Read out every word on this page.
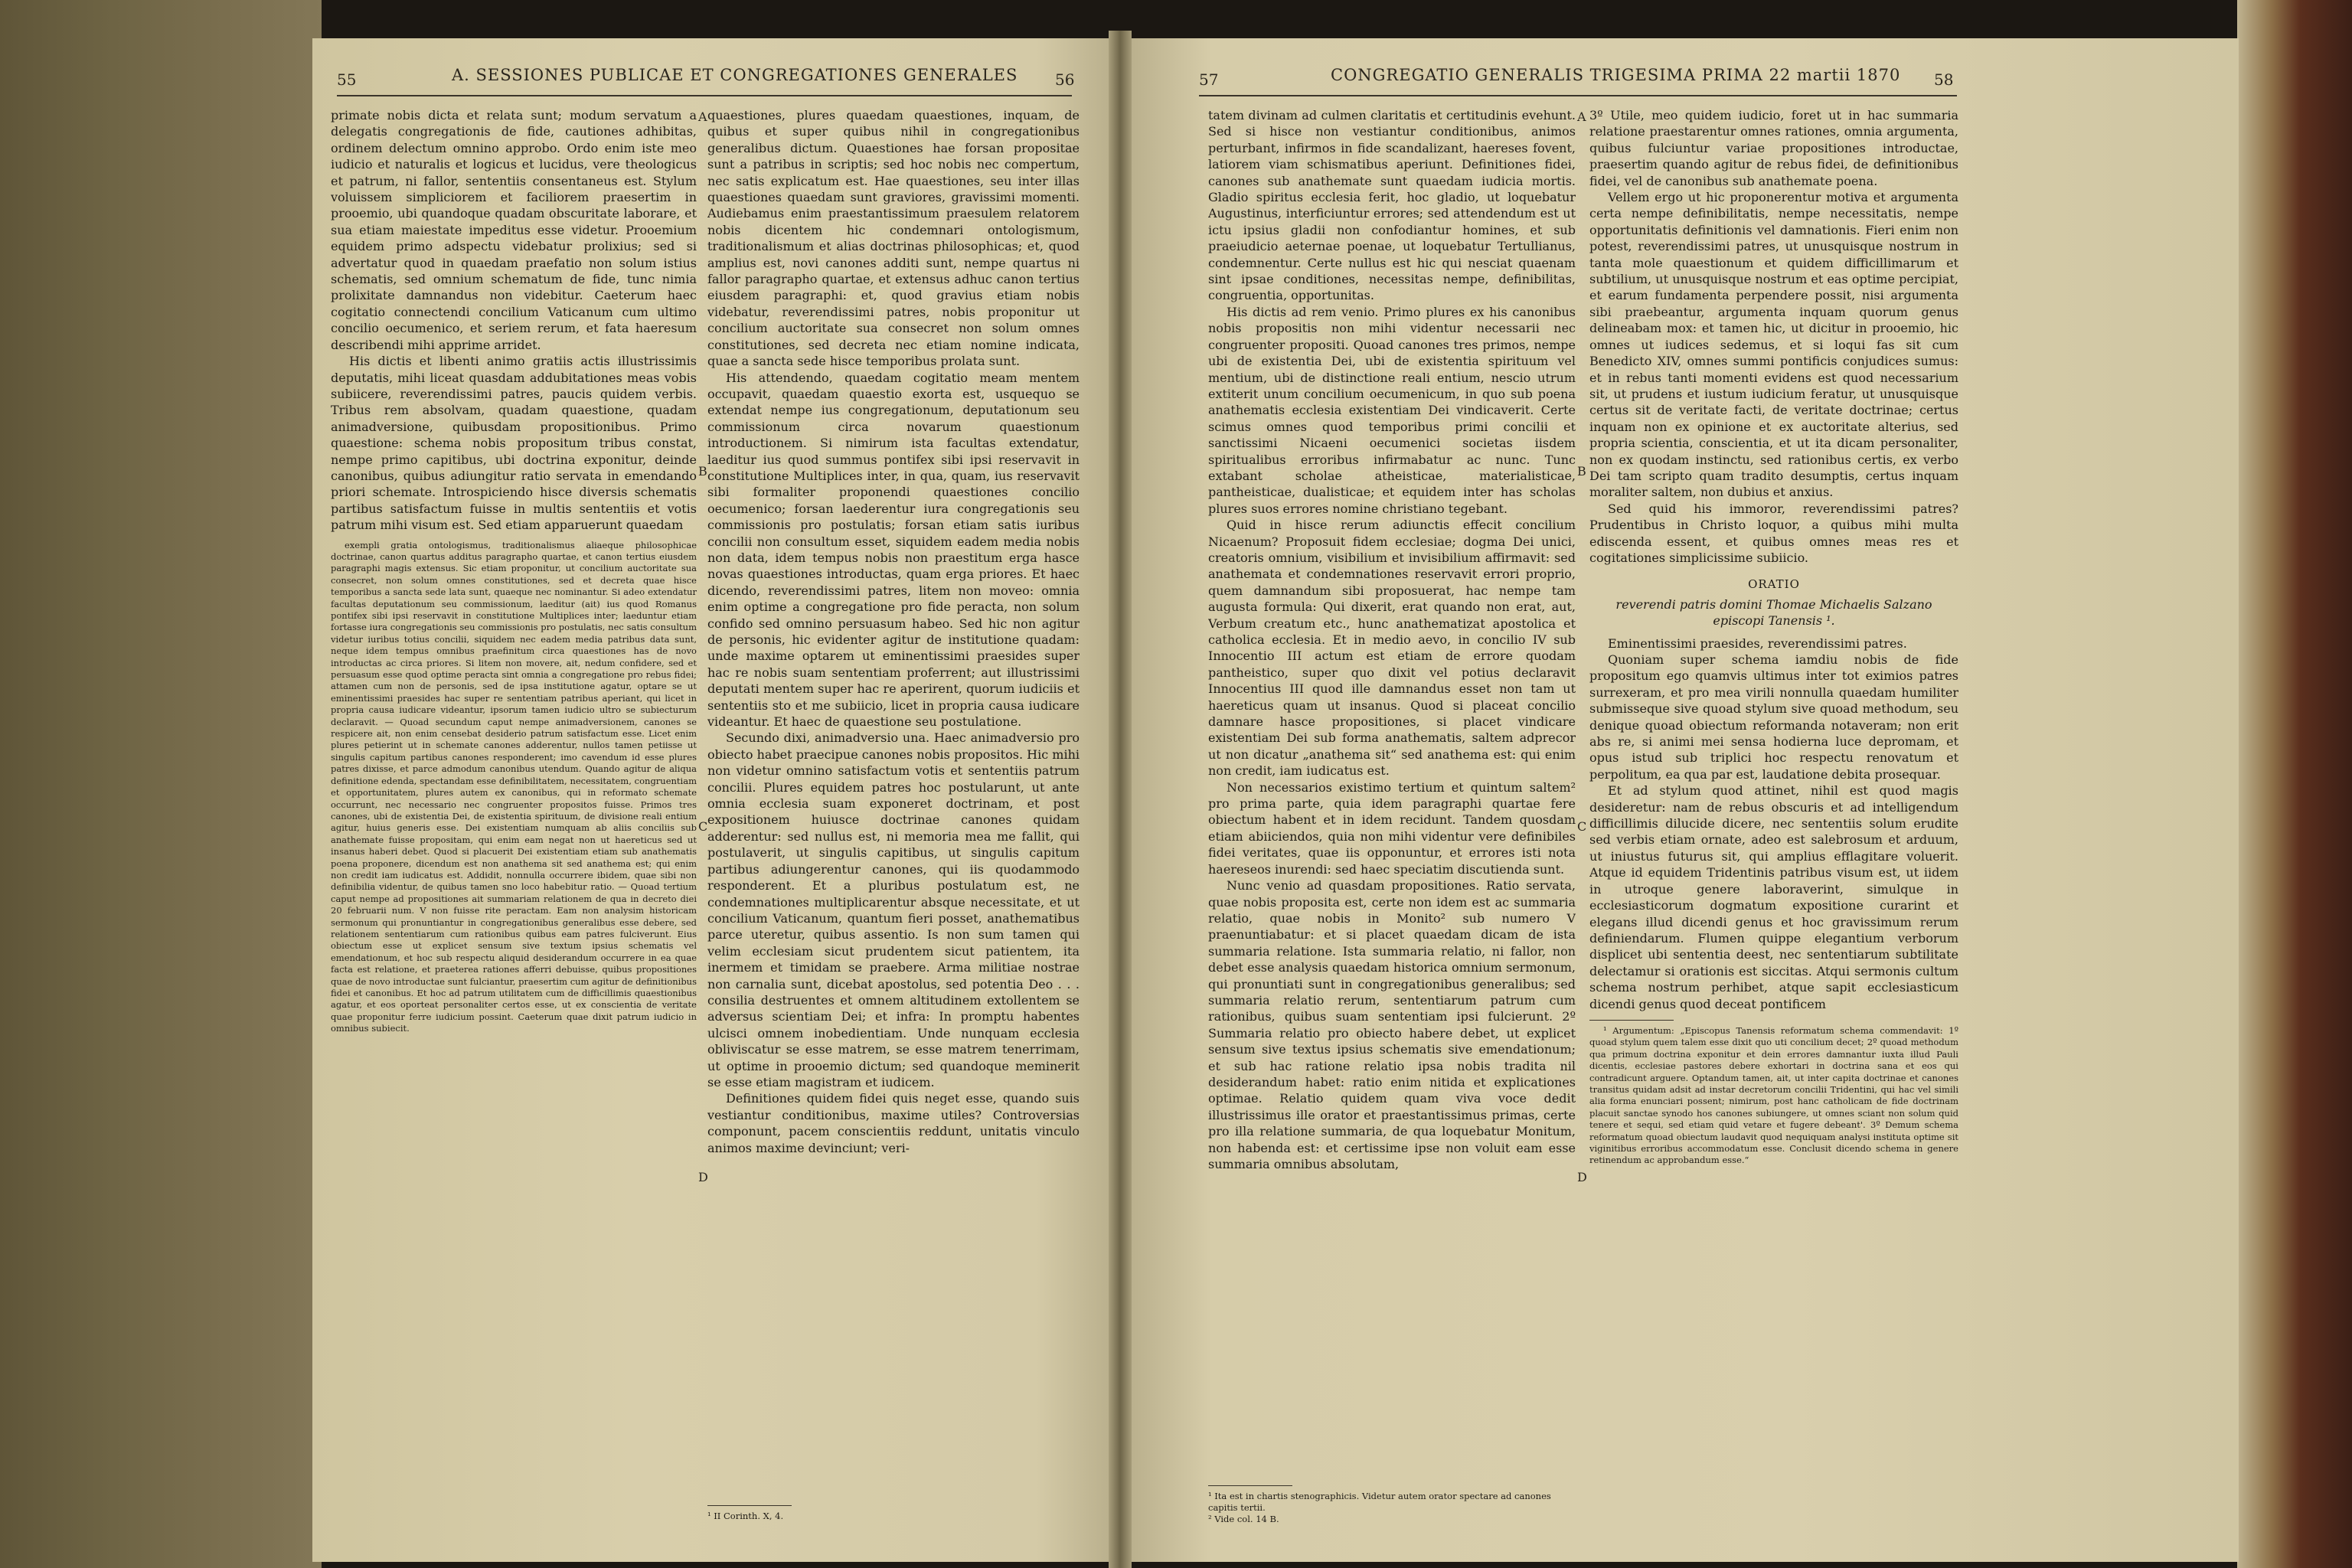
55	A. SESSIONES PUBLICAE ET CONGREGATIONES GENERALES 56	57	CONGREGATIO GENERALIS TRIGESIMA PRIMA 22 martii 1870 58

primate nobis dicta et relata sunt; modum servatum a delegatis congregationis de fide, cautiones adhibitas, ordinem delectum omnino approbo. Ordo enim iste meo iudicio et naturalis et logicus et lucidus, vere theologicus et patrum, ni fallor, sententiis consentaneus est. Stylum voluissem simpliciorem et faciliorem praesertim in prooemio, ubi quandoque quadam obscuritate laborare, et sua etiam maiestate impeditus esse videtur. Prooemium equidem primo adspectu videbatur prolixius; sed si advertatur quod in quaedam praefatio non solum istius schematis, sed omnium schematum de fide, tunc nimia prolixitate damnandus non videbitur. Caeterum haec cogitatio connectendi concilium Vaticanum cum ultimo concilio oecumenico, et seriem rerum, et fata haeresum describendi mihi apprime arridet.

His dictis et libenti animo gratiis actis illustrissimis deputatis, mihi liceat quasdam addubitationes meas vobis subiicere, reverendissimi patres, paucis quidem verbis. Tribus rem absolvam, quadam quaestione, quadam animadversione, quibusdam propositionibus. Primo quaestione: schema nobis propositum tribus constat, nempe primo capitibus, ubi doctrina exponitur, deinde canonibus, quibus adiungitur ratio servata in emendando priori schemate. Introspiciendo hisce diversis schematis partibus satisfactum fuisse in multis sententiis et votis patrum mihi visum est. Sed etiam apparuerunt quaedam

exempli gratia ontologismus, traditionalismus aliaeque philosophicae doctrinae, canon quartus additus paragrapho quartae, et canon tertius eiusdem paragraphi magis extensus. Sic etiam proponitur, ut concilium auctoritate sua consecret, non solum omnes constitutiones, sed et decreta quae hisce temporibus a sancta sede lata sunt, quaeque nec nominantur. Si adeo extendatur facultas deputationum seu commissionum, laeditur (ait) ius quod Romanus pontifex sibi ipsi reservavit in constitutione Multiplices inter; laeduntur etiam fortasse iura congregationis seu commissionis pro postulatis, nec satis consultum videtur iuribus totius concilii, siquidem nec eadem media patribus data sunt, neque idem tempus omnibus praefinitum circa quaestiones has de novo introductas ac circa priores. Si litem non movere, ait, nedum confidere, sed et persuasum esse quod optime peracta sint omnia a congregatione pro rebus fidei; attamen cum non de personis, sed de ipsa institutione agatur, optare se ut eminentissimi praesides hac super re sententiam patribus aperiant, qui licet in propria causa iudicare videantur, ipsorum tamen iudicio ultro se subiecturum declaravit. — Quoad secundum caput nempe animadversionem, canones se respicere ait, non enim censebat desiderio patrum satisfactum esse. Licet enim plures petierint ut in schemate canones adderentur, nullos tamen petiisse ut singulis capitum partibus canones responderent; imo cavendum id esse plures patres dixisse, et parce admodum canonibus utendum. Quando agitur de aliqua definitione edenda, spectandam esse definibilitatem, necessitatem, congruentiam et opportunitatem, plures autem ex canonibus, qui in reformato schemate occurrunt, nec necessario nec congruenter propositos fuisse. Primos tres canones, ubi de existentia Dei, de existentia spirituum, de divisione reali entium agitur, huius generis esse. Dei existentiam numquam ab aliis conciliis sub anathemate fuisse propositam, qui enim eam negat non ut haereticus sed ut insanus haberi debet. Quod si placuerit Dei existentiam etiam sub anathematis poena proponere, dicendum est non anathema sit sed anathema est; qui enim non credit iam iudicatus est. Addidit, nonnulla occurrere ibidem, quae sibi non definibilia videntur, de quibus tamen sno loco habebitur ratio. — Quoad tertium caput nempe ad propositiones ait summariam relationem de qua in decreto diei 20 februarii num. V non fuisse rite peractam. Eam non analysim historicam sermonum qui pronuntiantur in congregationibus generalibus esse debere, sed relationem sententiarum cum rationibus quibus eam patres fulciverunt. Eius obiectum esse ut explicet sensum sive textum ipsius schematis vel emendationum, et hoc sub respectu aliquid desiderandum occurrere in ea quae facta est relatione, et praeterea rationes afferri debuisse, quibus propositiones quae de novo introductae sunt fulciantur, praesertim cum agitur de definitionibus fidei et canonibus. Et hoc ad patrum utilitatem cum de difficillimis quaestionibus agatur, et eos oporteat personaliter certos esse, ut ex conscientia de veritate quae proponitur ferre iudicium possint. Caeterum quae dixit patrum iudicio in omnibus subiecit.

quaestiones, plures quaedam quaestiones, inquam, de quibus et super quibus nihil in congregationibus generalibus dictum. Quaestiones hae forsan propositae sunt a patribus in scriptis; sed hoc nobis nec compertum, nec satis explicatum est. Hae quaestiones, seu inter illas quaestiones quaedam sunt graviores, gravissimi momenti. Audiebamus enim praestantissimum praesulem relatorem nobis dicentem hic condemnari ontologismum, traditionalismum et alias doctrinas philosophicas; et, quod amplius est, novi canones additi sunt, nempe quartus ni fallor paragrapho quartae, et extensus adhuc canon tertius eiusdem paragraphi: et, quod gravius etiam nobis videbatur, reverendissimi patres, nobis proponitur ut concilium auctoritate sua consecret non solum omnes constitutiones, sed decreta nec etiam nomine indicata, quae a sancta sede hisce temporibus prolata sunt.

His attendendo, quaedam cogitatio meam mentem occupavit, quaedam quaestio exorta est, usquequo se extendat nempe ius congregationum, deputationum seu commissionum circa novarum quaestionum introductionem. Si nimirum ista facultas extendatur, laeditur ius quod summus pontifex sibi ipsi reservavit in constitutione Multiplices inter, in qua, quam, ius reservavit sibi formaliter proponendi quaestiones concilio oecumenico; forsan laederentur iura congregationis seu commissionis pro postulatis; forsan etiam satis iuribus concilii non consultum esset, siquidem eadem media nobis non data, idem tempus nobis non praestitum erga hasce novas quaestiones introductas, quam erga priores. Et haec dicendo, reverendissimi patres, litem non moveo: omnia enim optime a congregatione pro fide peracta, non solum confido sed omnino persuasum habeo. Sed hic non agitur de personis, hic evidenter agitur de institutione quadam: unde maxime optarem ut eminentissimi praesides super hac re nobis suam sententiam proferrent; aut illustrissimi deputati mentem super hac re aperirent, quorum iudiciis et sententiis sto et me subiicio, licet in propria causa iudicare videantur. Et haec de quaestione seu postulatione.

Secundo dixi, animadversio una. Haec animadversio pro obiecto habet praecipue canones nobis propositos. Hic mihi non videtur omnino satisfactum votis et sententiis patrum concilii. Plures equidem patres hoc postularunt, ut ante omnia ecclesia suam exponeret doctrinam, et post expositionem huiusce doctrinae canones quidam adderentur: sed nullus est, ni memoria mea me fallit, qui postulaverit, ut singulis capitibus, ut singulis capitum partibus adiungerentur canones, qui iis quodammodo responderent. Et a pluribus postulatum est, ne condemnationes multiplicarentur absque necessitate, et ut concilium Vaticanum, quantum fieri posset, anathematibus parce uteretur, quibus assentio. Is non sum tamen qui velim ecclesiam sicut prudentem sicut patientem, ita inermem et timidam se praebere. Arma militiae nostrae non carnalia sunt, dicebat apostolus, sed potentia Deo . . . consilia destruentes et omnem altitudinem extollentem se adversus scientiam Dei; et infra: In promptu habentes ulcisci omnem inobedientiam. Unde nunquam ecclesia obliviscatur se esse matrem, se esse matrem tenerrimam, ut optime in prooemio dictum; sed quandoque meminerit se esse etiam magistram et iudicem.

Definitiones quidem fidei quis neget esse, quando suis vestiantur conditionibus, maxime utiles? Controversias componunt, pacem conscientiis reddunt, unitatis vinculo animos maxime devinciunt; veri-

¹ II Corinth. X, 4.
A
B
C
D

tatem divinam ad culmen claritatis et certitudinis evehunt. Sed si hisce non vestiantur conditionibus, animos perturbant, infirmos in fide scandalizant, haereses fovent, latiorem viam schismatibus aperiunt. Definitiones fidei, canones sub anathemate sunt quaedam iudicia mortis. Gladio spiritus ecclesia ferit, hoc gladio, ut loquebatur Augustinus, interficiuntur errores; sed attendendum est ut ictu ipsius gladii non confodiantur homines, et sub praeiudicio aeternae poenae, ut loquebatur Tertullianus, condemnentur. Certe nullus est hic qui nesciat quaenam sint ipsae conditiones, necessitas nempe, definibilitas, congruentia, opportunitas.

His dictis ad rem venio. Primo plures ex his canonibus nobis propositis non mihi videntur necessarii nec congruenter propositi. Quoad canones tres primos, nempe ubi de existentia Dei, ubi de existentia spirituum vel mentium, ubi de distinctione reali entium, nescio utrum extiterit unum concilium oecumenicum, in quo sub poena anathematis ecclesia existentiam Dei vindicaverit. Certe scimus omnes quod temporibus primi concilii et sanctissimi Nicaeni oecumenici societas iisdem spiritualibus erroribus infirmabatur ac nunc. Tunc extabant scholae atheisticae, materialisticae, pantheisticae, dualisticae; et equidem inter has scholas plures suos errores nomine christiano tegebant.

Quid in hisce rerum adiunctis effecit concilium Nicaenum? Proposuit fidem ecclesiae; dogma Dei unici, creatoris omnium, visibilium et invisibilium affirmavit: sed anathemata et condemnationes reservavit errori proprio, quem damnandum sibi proposuerat, hac nempe tam augusta formula: Qui dixerit, erat quando non erat, aut, Verbum creatum etc., hunc anathematizat apostolica et catholica ecclesia. Et in medio aevo, in concilio IV sub Innocentio III actum est etiam de errore quodam pantheistico, super quo dixit vel potius declaravit Innocentius III quod ille damnandus esset non tam ut haereticus quam ut insanus. Quod si placeat concilio damnare hasce propositiones, si placet vindicare existentiam Dei sub forma anathematis, saltem adprecor ut non dicatur „anathema sit“ sed anathema est: qui enim non credit, iam iudicatus est.

Non necessarios existimo tertium et quintum saltem² pro prima parte, quia idem paragraphi quartae fere obiectum habent et in idem recidunt. Tandem quosdam etiam abiiciendos, quia non mihi videntur vere definibiles fidei veritates, quae iis opponuntur, et errores isti nota haereseos inurendi: sed haec speciatim discutienda sunt.

Nunc venio ad quasdam propositiones. Ratio servata, quae nobis proposita est, certe non idem est ac summaria relatio, quae nobis in Monito² sub numero V praenuntiabatur: et si placet quaedam dicam de ista summaria relatione. Ista summaria relatio, ni fallor, non debet esse analysis quaedam historica omnium sermonum, qui pronuntiati sunt in congregationibus generalibus; sed summaria relatio rerum, sententiarum patrum cum rationibus, quibus suam sententiam ipsi fulcierunt. 2º Summaria relatio pro obiecto habere debet, ut explicet sensum sive textus ipsius schematis sive emendationum; et sub hac ratione relatio ipsa nobis tradita nil desiderandum habet: ratio enim nitida et explicationes optimae. Relatio quidem quam viva voce dedit illustrissimus ille orator et praestantissimus primas, certe pro illa relatione summaria, de qua loquebatur Monitum, non habenda est: et certissime ipse non voluit eam esse summaria omnibus absolutam,

¹ Ita est in chartis stenographicis. Videtur autem orator spectare ad canones capitis tertii.
² Vide col. 14 B.
A
B
C
D

3º Utile, meo quidem iudicio, foret ut in hac summaria relatione praestarentur omnes rationes, omnia argumenta, quibus fulciuntur variae propositiones introductae, praesertim quando agitur de rebus fidei, de definitionibus fidei, vel de canonibus sub anathemate poena.

Vellem ergo ut hic proponerentur motiva et argumenta certa nempe definibilitatis, nempe necessitatis, nempe opportunitatis definitionis vel damnationis. Fieri enim non potest, reverendissimi patres, ut unusquisque nostrum in tanta mole quaestionum et quidem difficillimarum et subtilium, ut unusquisque nostrum et eas optime percipiat, et earum fundamenta perpendere possit, nisi argumenta sibi praebeantur, argumenta inquam quorum genus delineabam mox: et tamen hic, ut dicitur in prooemio, hic omnes ut iudices sedemus, et si loqui fas sit cum Benedicto XIV, omnes summi pontificis conjudices sumus: et in rebus tanti momenti evidens est quod necessarium sit, ut prudens et iustum iudicium feratur, ut unusquisque certus sit de veritate facti, de veritate doctrinae; certus inquam non ex opinione et ex auctoritate alterius, sed propria scientia, conscientia, et ut ita dicam personaliter, non ex quodam instinctu, sed rationibus certis, ex verbo Dei tam scripto quam tradito desumptis, certus inquam moraliter saltem, non dubius et anxius.

Sed quid his immoror, reverendissimi patres? Prudentibus in Christo loquor, a quibus mihi multa ediscenda essent, et quibus omnes meas res et cogitationes simplicissime subiicio.

ORATIO
reverendi patris domini Thomae Michaelis Salzano episcopi Tanensis ¹.

Eminentissimi praesides, reverendissimi patres.

Quoniam super schema iamdiu nobis de fide propositum ego quamvis ultimus inter tot eximios patres surrexeram, et pro mea virili nonnulla quaedam humiliter submisseque sive quoad stylum sive quoad methodum, seu denique quoad obiectum reformanda notaveram; non erit abs re, si animi mei sensa hodierna luce depromam, et opus istud sub triplici hoc respectu renovatum et perpolitum, ea qua par est, laudatione debita prosequar.

Et ad stylum quod attinet, nihil est quod magis desideretur: nam de rebus obscuris et ad intelligendum difficillimis dilucide dicere, nec sententiis solum erudite sed verbis etiam ornate, adeo est salebrosum et arduum, ut iniustus futurus sit, qui amplius efflagitare voluerit. Atque id equidem Tridentinis patribus visum est, ut iidem in utroque genere laboraverint, simulque in ecclesiasticorum dogmatum expositione curarint et elegans illud dicendi genus et hoc gravissimum rerum definiendarum. Flumen quippe elegantium verborum displicet ubi sententia deest, nec sententiarum subtilitate delectamur si orationis est siccitas. Atqui sermonis cultum schema nostrum perhibet, atque sapit ecclesiasticum dicendi genus quod deceat pontificem

¹ Argumentum: „Episcopus Tanensis reformatum schema commendavit: 1º quoad stylum quem talem esse dixit quo uti concilium decet; 2º quoad methodum qua primum doctrina exponitur et dein errores damnantur iuxta illud Pauli dicentis, ecclesiae pastores debere exhortari in doctrina sana et eos qui contradicunt arguere. Optandum tamen, ait, ut inter capita doctrinae et canones transitus quidam adsit ad instar decretorum concilii Tridentini, qui hac vel simili alia forma enunciari possent; nimirum, post hanc catholicam de fide doctrinam placuit sanctae synodo hos canones subiungere, ut omnes sciant non solum quid tenere et sequi, sed etiam quid vetare et fugere debeant'. 3º Demum schema reformatum quoad obiectum laudavit quod nequiquam analysi instituta optime sit viginitibus erroribus accommodatum esse. Conclusit dicendo schema in genere retinendum ac approbandum esse.“
